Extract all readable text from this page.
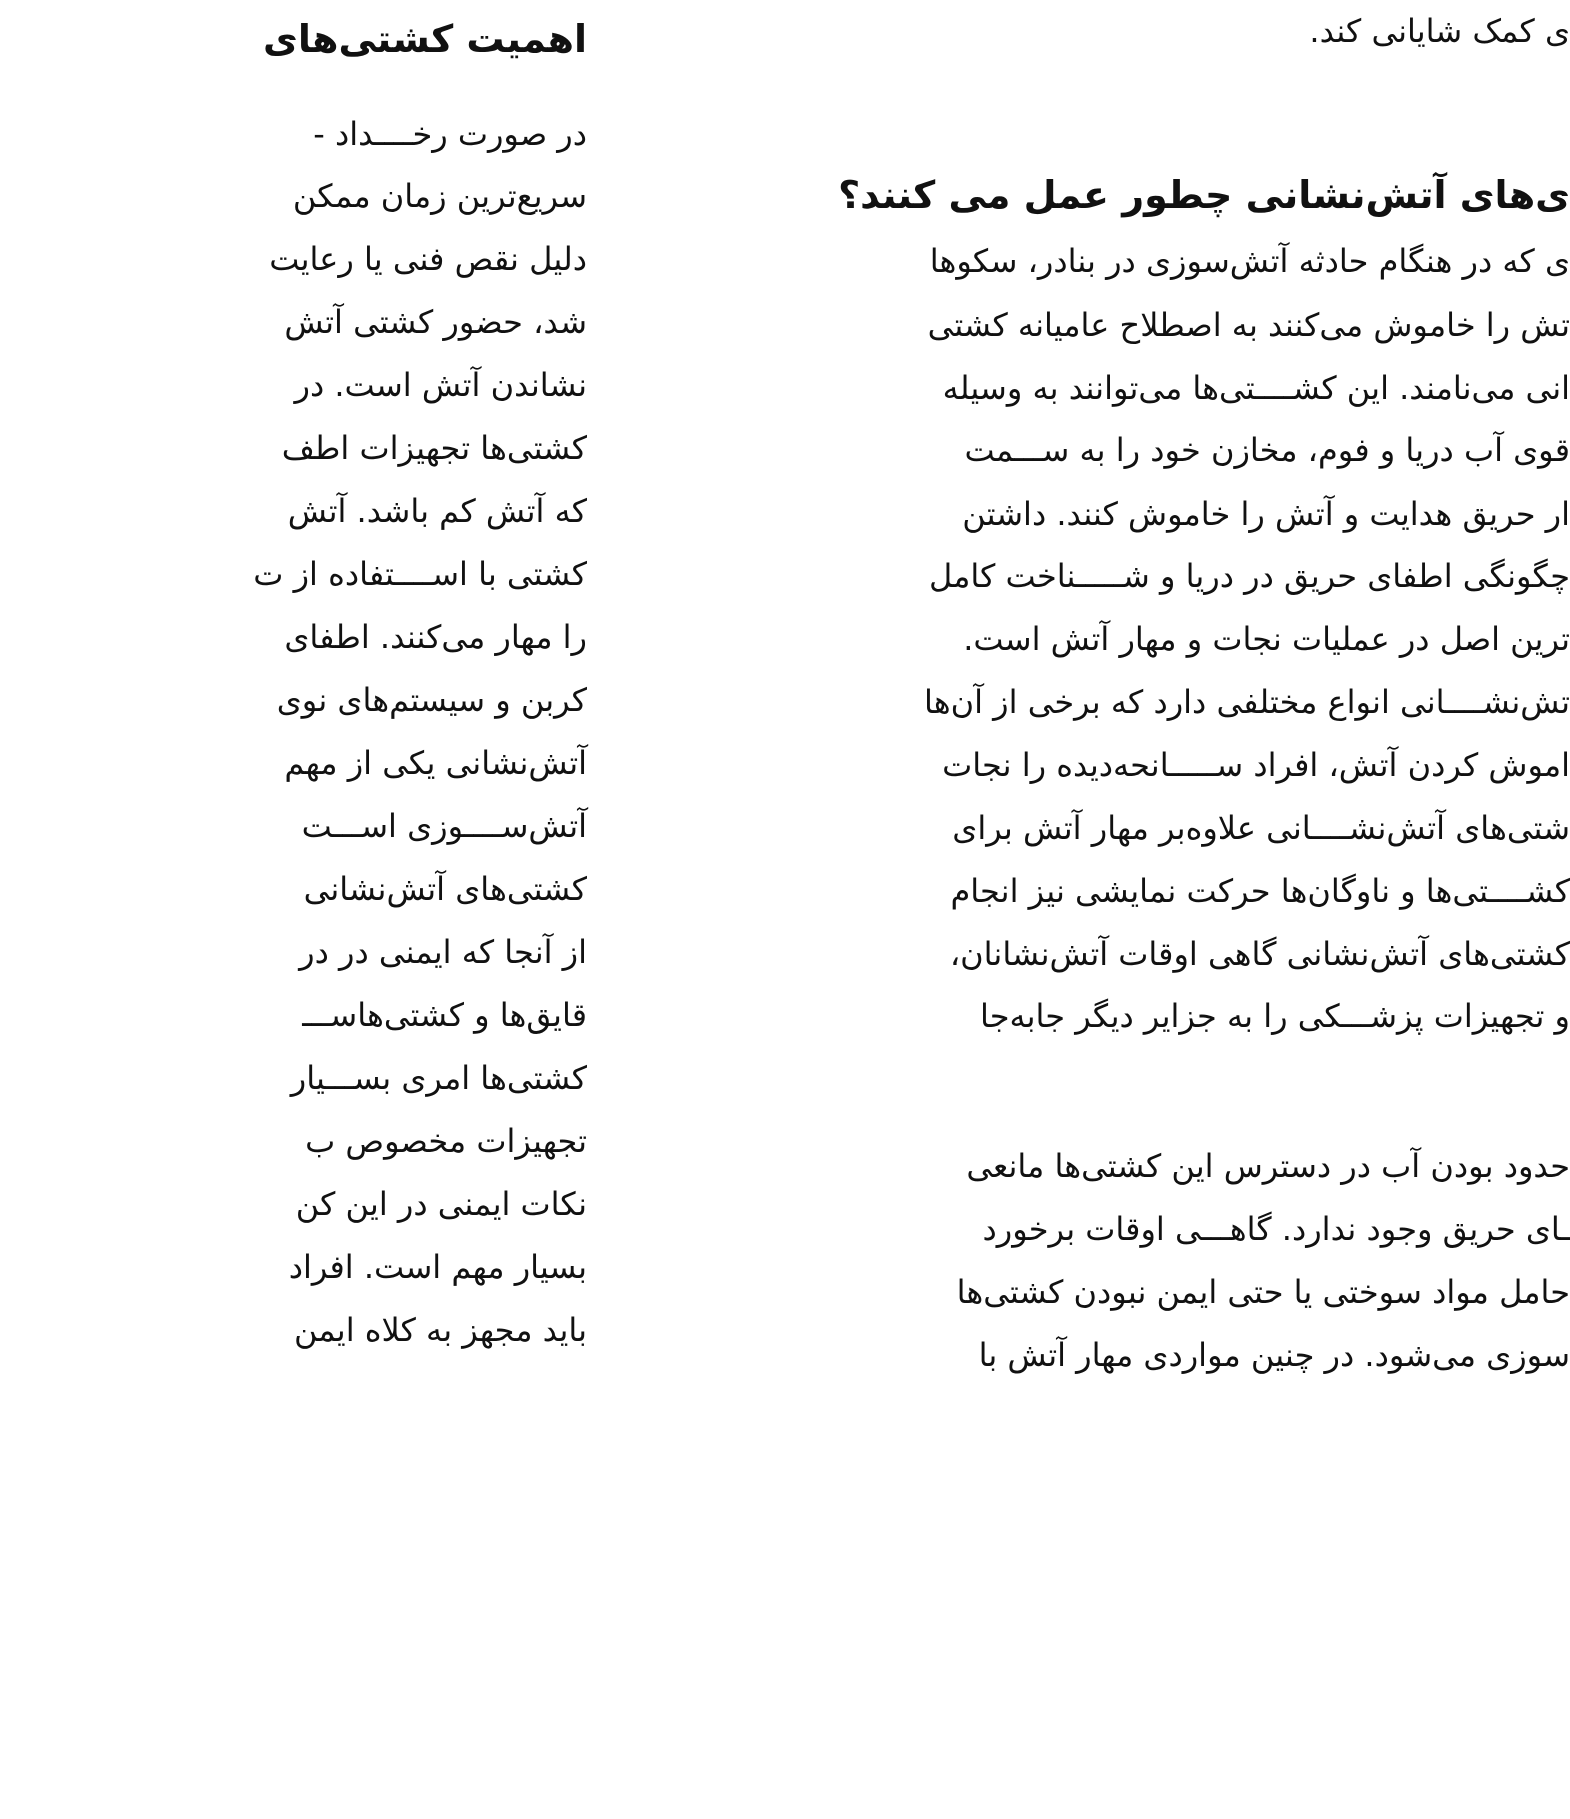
ی کمک شایانی کند.
ی‌های آتش‌نشانی چطور عمل می کنند؟
ی که در هنگام حادثه آتش‌سوزی در بنادر، سکوها
تش را خاموش می‌کنند به اصطلاح عامیانه کشتی
انی می‌نامند. این کشــــتی‌ها می‌توانند به وسیله
قوی آب دریا و فوم، مخازن خود را به ســـمت
ار حریق هدایت و آتش را خاموش کنند. داشتن
چگونگی اطفای حریق در دریا و شـــــناخت کامل
ترین اصل در عملیات نجات و مهار آتش است.
تش‌نشــــانی انواع مختلفی دارد که برخی از آن‌ها
اموش کردن آتش، افراد ســـــانحه‌دیده را نجات
شتی‌های آتش‌نشــــانی علاوه‌بر مهار آتش برای
کشــــتی‌ها و ناوگان‌ها حرکت نمایشی نیز انجام
کشتی‌های آتش‌نشانی گاهی اوقات آتش‌نشانان،
و تجهیزات پزشـــکی را به جزایر دیگر جابه‌جا
حدود بودن آب در دسترس این کشتی‌ها مانعی
ـای حریق وجود ندارد. گاهـــی اوقات برخورد
حامل مواد سوختی یا حتی ایمن نبودن کشتی‌ها
سوزی می‌شود. در چنین مواردی مهار آتش با
اهمیت کشتی‌های
در صورت رخــــداد -
سریع‌ترین زمان ممکن
دلیل نقص فنی یا رعایت
شد، حضور کشتی آتش
نشاندن آتش است. در
کشتی‌ها تجهیزات اطف
که آتش کم باشد. آتش
کشتی با اســــتفاده از ت
را مهار می‌کنند. اطفای
کربن و سیستم‌های نوی
آتش‌نشانی یکی از مهم
آتش‌ســــوزی اســـت
کشتی‌های آتش‌نشانی
از آنجا که ایمنی در در
قایق‌ها و کشتی‌هاســـ
کشتی‌ها امری بســـیار
تجهیزات مخصوص ب
نکات ایمنی در این کن
بسیار مهم است. افراد
باید مجهز به کلاه ایمن
